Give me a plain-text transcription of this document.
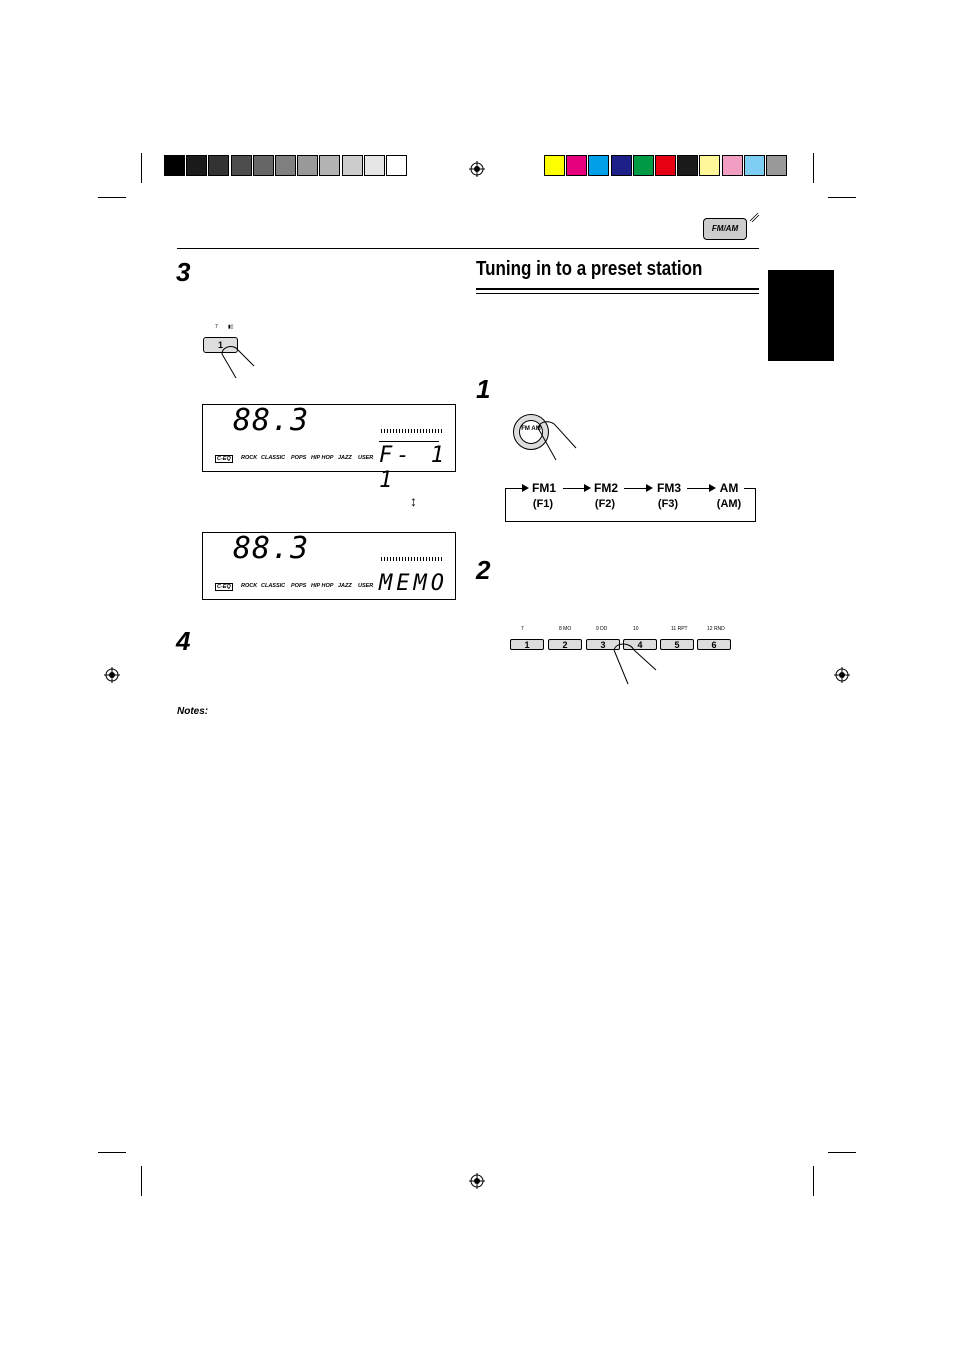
FM/AM
3
7 ▮▯
1
88.3
C-EQ	ROCK CLASSIC POPS HIP HOP JAZZ USER F- 1 1
↕
88.3
C-EQ	ROCK CLASSIC POPS HIP HOP JAZZ USER MEMO
4
Notes:
Tuning in to a preset station
1
FM AM
FM1
(F1)
FM2
(F2)
FM3
(F3)
AM
(AM)
2
7
1
8 MO
2
9 DD
3
10
4
11 RPT
5
12 RND
6
